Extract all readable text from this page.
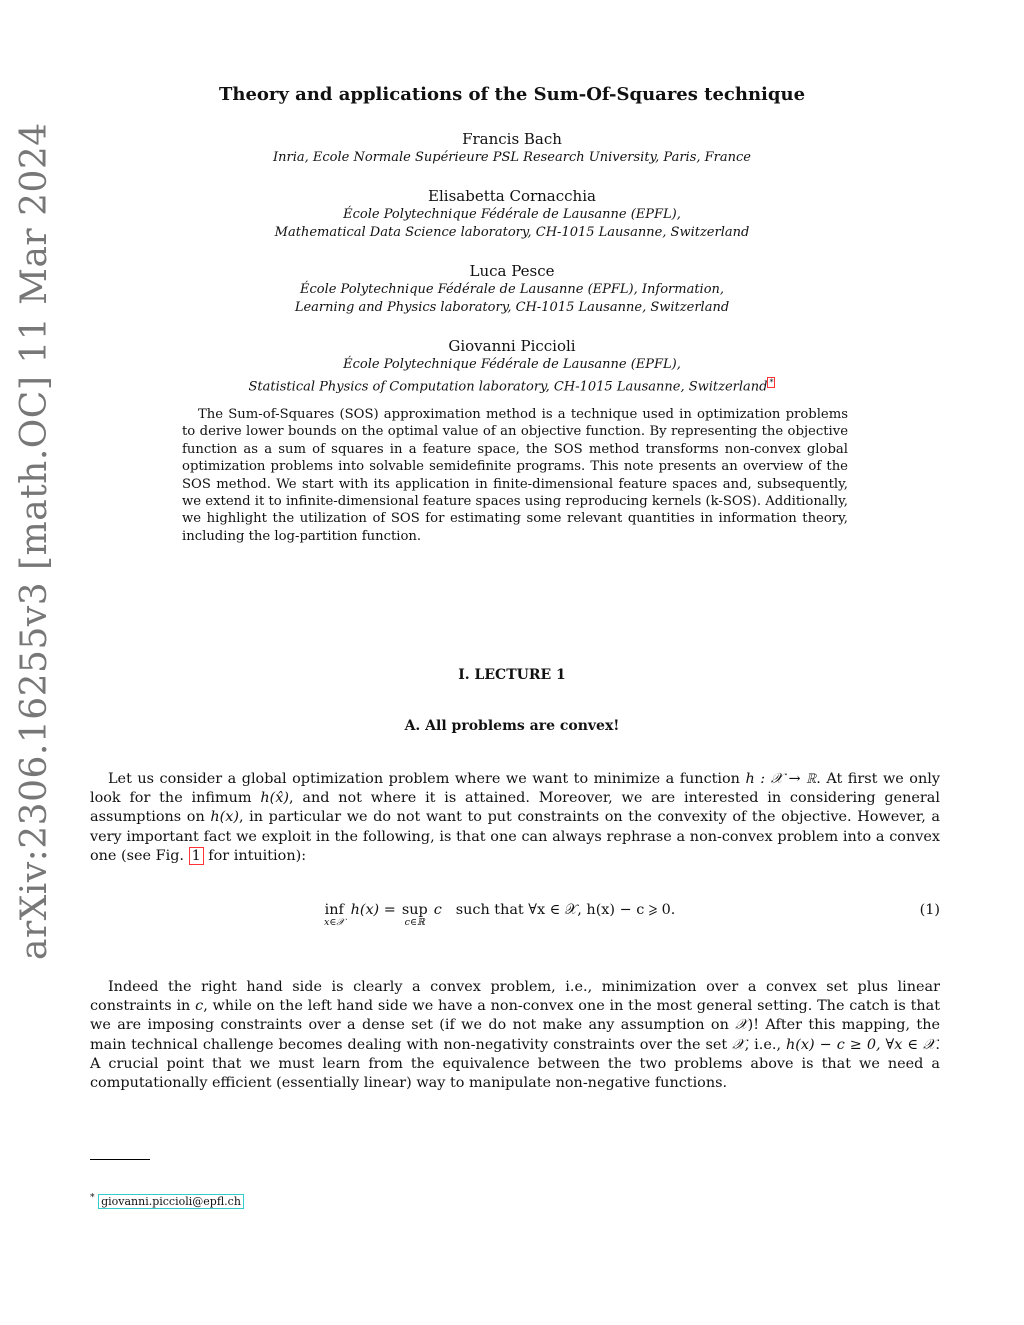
arXiv:2306.16255v3 [math.OC] 11 Mar 2024
Theory and applications of the Sum-Of-Squares technique
Francis Bach
Inria, Ecole Normale Supérieure PSL Research University, Paris, France
Elisabetta Cornacchia
École Polytechnique Fédérale de Lausanne (EPFL),
Mathematical Data Science laboratory, CH-1015 Lausanne, Switzerland
Luca Pesce
École Polytechnique Fédérale de Lausanne (EPFL), Information,
Learning and Physics laboratory, CH-1015 Lausanne, Switzerland
Giovanni Piccioli
École Polytechnique Fédérale de Lausanne (EPFL),
Statistical Physics of Computation laboratory, CH-1015 Lausanne, Switzerland *

The Sum-of-Squares (SOS) approximation method is a technique used in optimization problems to derive lower bounds on the optimal value of an objective function. By representing the objective function as a sum of squares in a feature space, the SOS method transforms non-convex global optimization problems into solvable semidefinite programs. This note presents an overview of the SOS method. We start with its application in finite-dimensional feature spaces and, subsequently, we extend it to infinite-dimensional feature spaces using reproducing kernels (k-SOS). Additionally, we highlight the utilization of SOS for estimating some relevant quantities in information theory, including the log-partition function.

I. LECTURE 1
A. All problems are convex!

Let us consider a global optimization problem where we want to minimize a function h : 𝒳 → ℝ. At first we only look for the infimum h(x̂), and not where it is attained. Moreover, we are interested in considering general assumptions on h(x), in particular we do not want to put constraints on the convexity of the objective. However, a very important fact we exploit in the following, is that one can always rephrase a non-convex problem into a convex one (see Fig. 1 for intuition):

inf
x∈𝒳
h(x) = sup
c∈ℝ
c such that ∀x ∈ 𝒳, h(x) − c ⩾ 0.	(1)

Indeed the right hand side is clearly a convex problem, i.e., minimization over a convex set plus linear constraints in c, while on the left hand side we have a non-convex one in the most general setting. The catch is that we are imposing constraints over a dense set (if we do not make any assumption on 𝒳)! After this mapping, the main technical challenge becomes dealing with non-negativity constraints over the set 𝒳, i.e., h(x) − c ≥ 0, ∀x ∈ 𝒳. A crucial point that we must learn from the equivalence between the two problems above is that we need a computationally efficient (essentially linear) way to manipulate non-negative functions.

* giovanni.piccioli@epfl.ch
